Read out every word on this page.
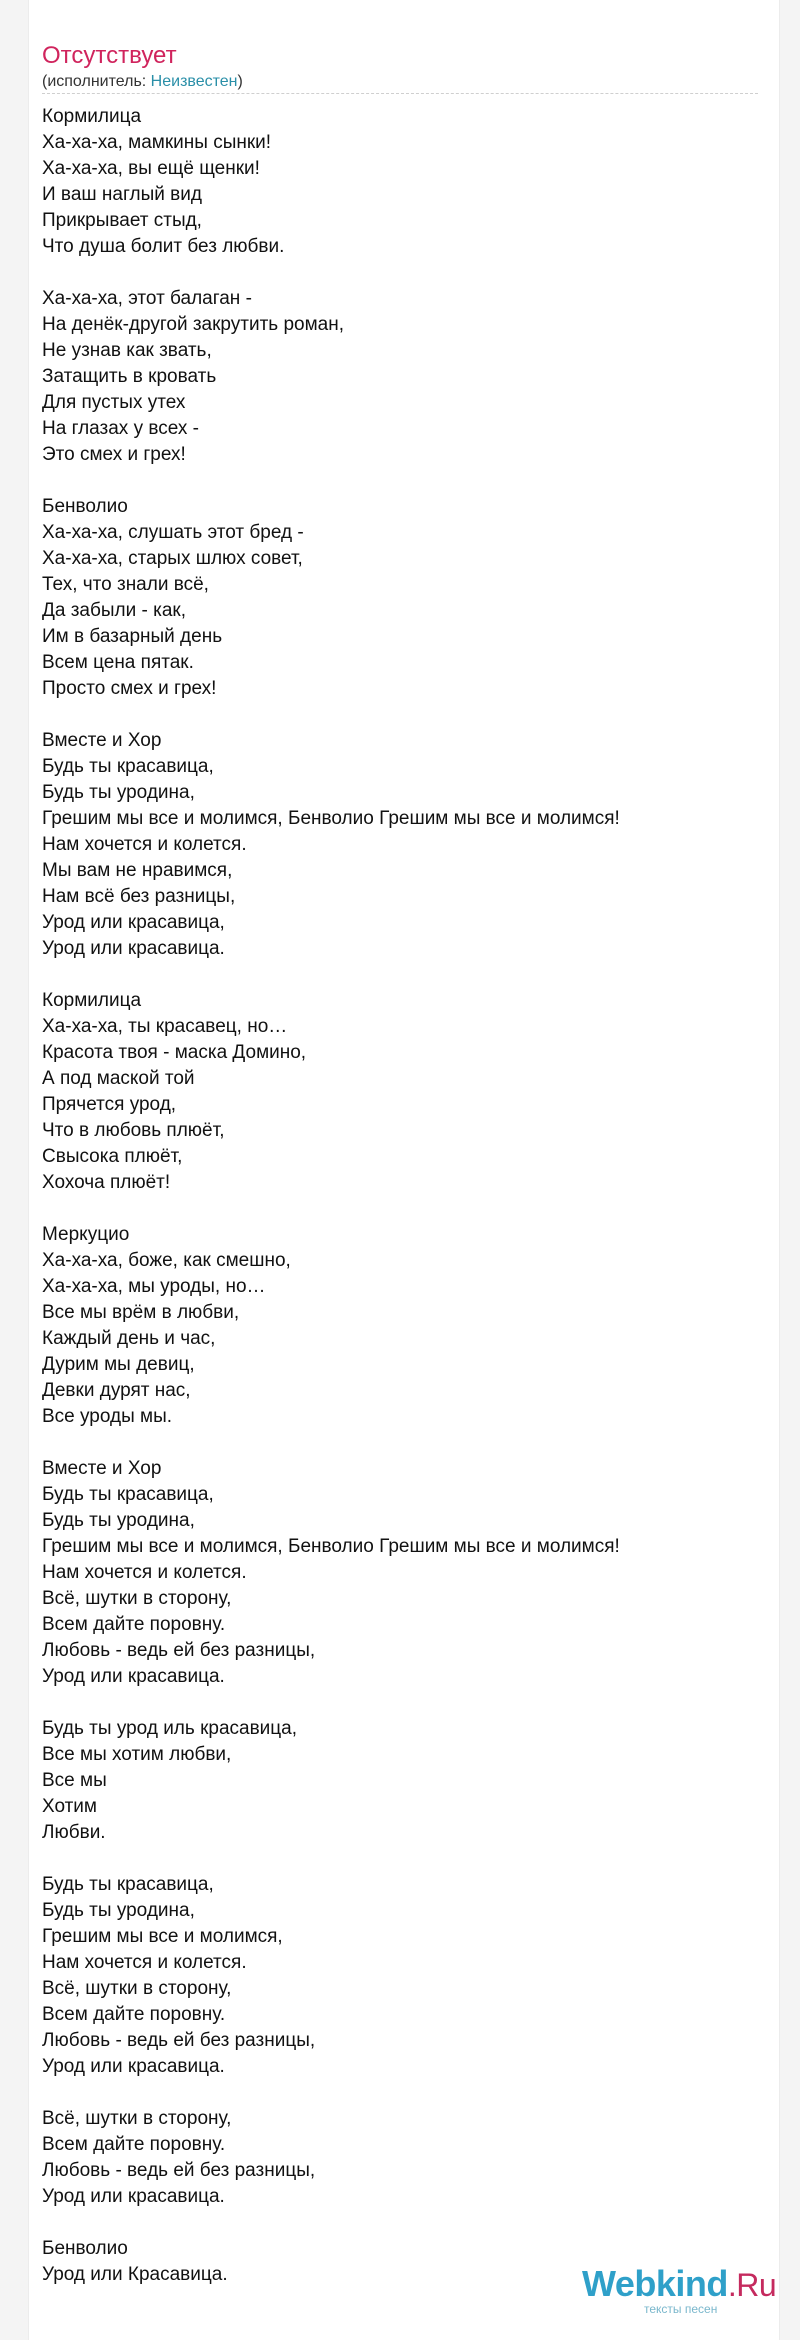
Отсутствует
(исполнитель: Неизвестен)
Кормилица
Ха-ха-ха, мамкины сынки!
Ха-ха-ха, вы ещё щенки!
И ваш наглый вид
Прикрывает стыд,
Что душа болит без любви.
Ха-ха-ха, этот балаган -
На денёк-другой закрутить роман,
Не узнав как звать,
Затащить в кровать
Для пустых утех
На глазах у всех -
Это смех и грех!
Бенволио
Ха-ха-ха, слушать этот бред -
Ха-ха-ха, старых шлюх совет,
Тех, что знали всё,
Да забыли - как,
Им в базарный день
Всем цена пятак.
Просто смех и грех!
Вместе и Хор
Будь ты красавица,
Будь ты уродина,
Грешим мы все и молимся, Бенволио Грешим мы все и молимся!
Нам хочется и колется.
Мы вам не нравимся,
Нам всё без разницы,
Урод или красавица,
Урод или красавица.
Кормилица
Ха-ха-ха, ты красавец, но…
Красота твоя - маска Домино,
А под маской той
Прячется урод,
Что в любовь плюёт,
Свысока плюёт,
Хохоча плюёт!
Меркуцио
Ха-ха-ха, боже, как смешно,
Ха-ха-ха, мы уроды, но…
Все мы врём в любви,
Каждый день и час,
Дурим мы девиц,
Девки дурят нас,
Все уроды мы.
Вместе и Хор
Будь ты красавица,
Будь ты уродина,
Грешим мы все и молимся, Бенволио Грешим мы все и молимся!
Нам хочется и колется.
Всё, шутки в сторону,
Всем дайте поровну.
Любовь - ведь ей без разницы,
Урод или красавица.
Будь ты урод иль красавица,
Все мы хотим любви,
Все мы
Хотим
Любви.
Будь ты красавица,
Будь ты уродина,
Грешим мы все и молимся,
Нам хочется и колется.
Всё, шутки в сторону,
Всем дайте поровну.
Любовь - ведь ей без разницы,
Урод или красавица.
Всё, шутки в сторону,
Всем дайте поровну.
Любовь - ведь ей без разницы,
Урод или красавица.
Бенволио
Урод или Красавица.	Webkind.Ru
тексты песен
